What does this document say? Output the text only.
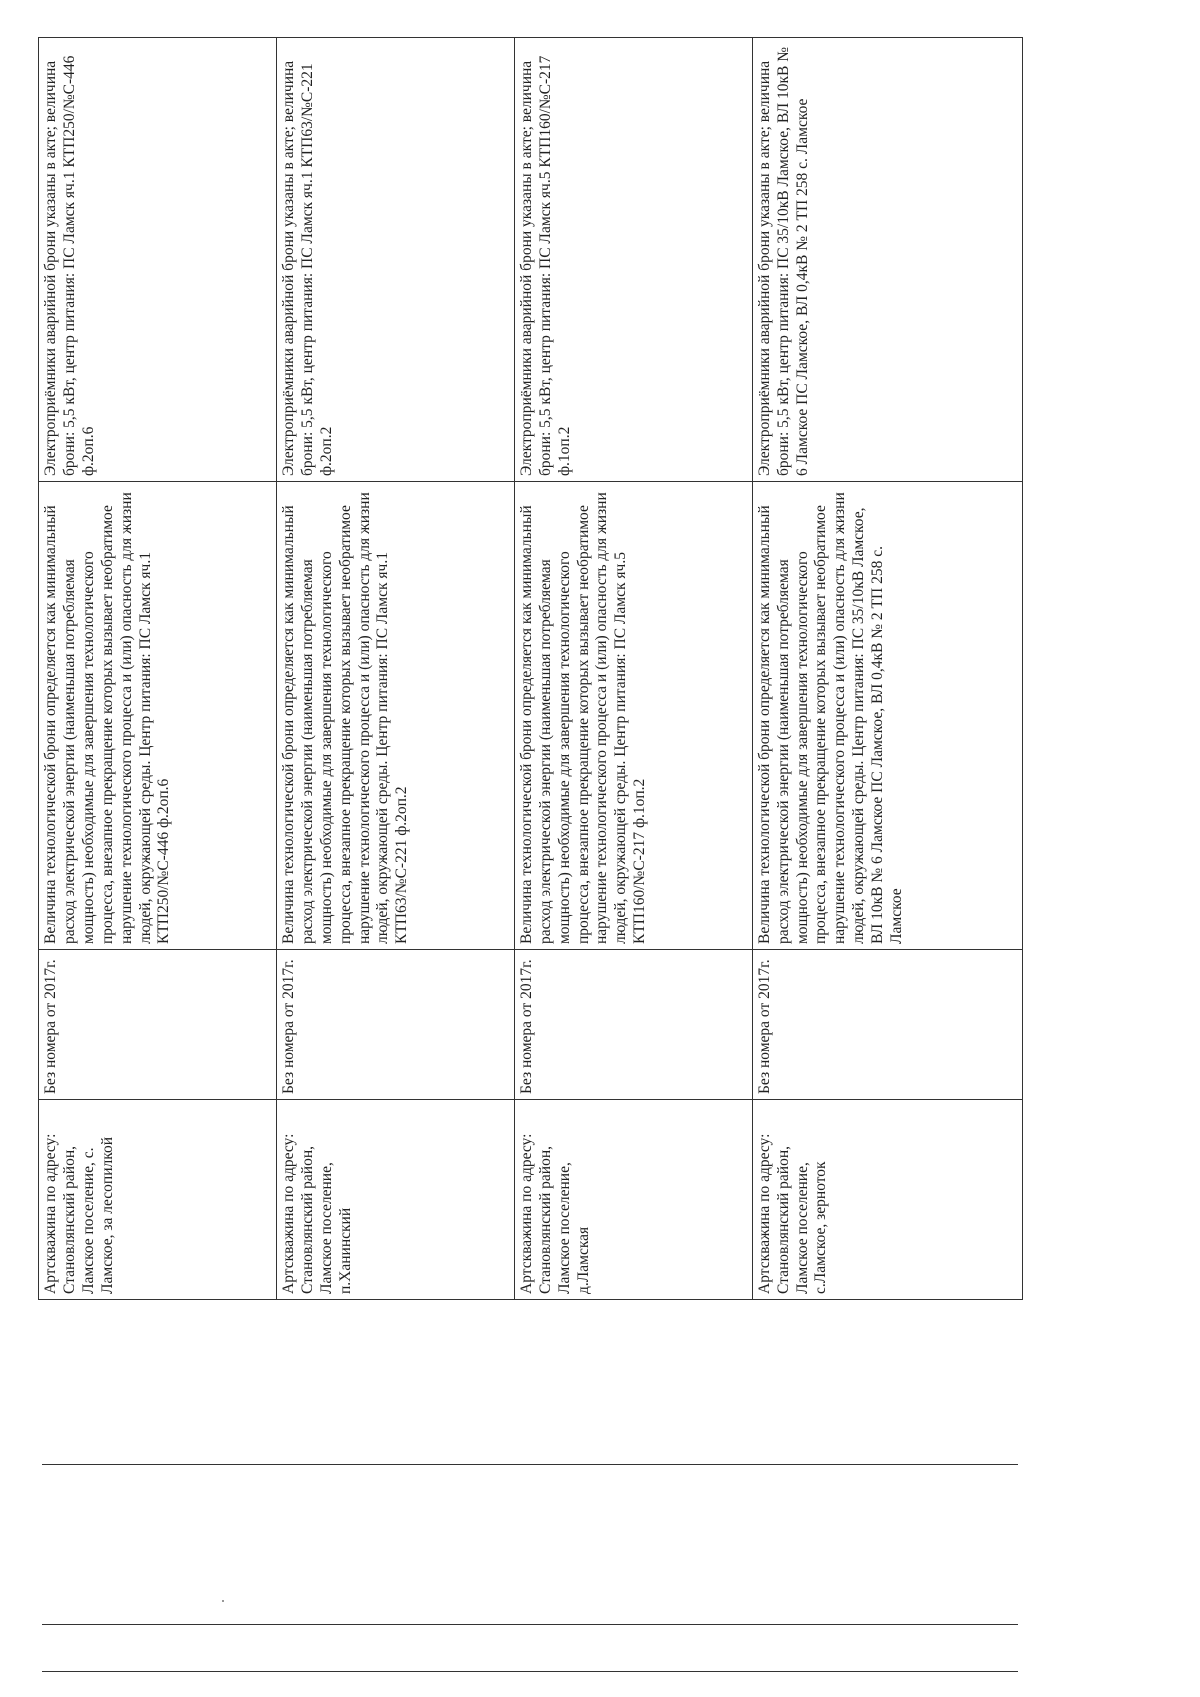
Артскважина по адресу: Становлянский район, Ламское поселение, с. Ламское, за лесопилкой	Без номера от 2017г.	Величина технологической брони определяется как минимальный расход электрической энергии (наименьшая потребляемая мощность) необходимые для завершения технологического процесса, внезапное прекращение которых вызывает необратимое нарушение технологического процесса и (или) опасность для жизни людей, окружающей среды. Центр питания: ПС Ламск яч.1 КТП250/№С-446 ф.2оп.6	Электроприёмники аварийной брони указаны в акте; величина брони: 5,5 кВт, центр питания: ПС Ламск яч.1 КТП250/№С-446 ф.2оп.6
Артскважина по адресу: Становлянский район, Ламское поселение, п.Ханинский	Без номера от 2017г.	Величина технологической брони определяется как минимальный расход электрической энергии (наименьшая потребляемая мощность) необходимые для завершения технологического процесса, внезапное прекращение которых вызывает необратимое нарушение технологического процесса и (или) опасность для жизни людей, окружающей среды. Центр питания: ПС Ламск яч.1 КТП63/№С-221 ф.2оп.2	Электроприёмники аварийной брони указаны в акте; величина брони: 5,5 кВт, центр питания: ПС Ламск яч.1 КТП63/№С-221 ф.2оп.2
Артскважина по адресу: Становлянский район, Ламское поселение, д.Ламская	Без номера от 2017г.	Величина технологической брони определяется как минимальный расход электрической энергии (наименьшая потребляемая мощность) необходимые для завершения технологического процесса, внезапное прекращение которых вызывает необратимое нарушение технологического процесса и (или) опасность для жизни людей, окружающей среды. Центр питания: ПС Ламск яч.5 КТП160/№С-217 ф.1оп.2	Электроприёмники аварийной брони указаны в акте; величина брони: 5,5 кВт, центр питания: ПС Ламск яч.5 КТП160/№С-217 ф.1оп.2
Артскважина по адресу: Становлянский район, Ламское поселение, с.Ламское, зерноток	Без номера от 2017г.	Величина технологической брони определяется как минимальный расход электрической энергии (наименьшая потребляемая мощность) необходимые для завершения технологического процесса, внезапное прекращение которых вызывает необратимое нарушение технологического процесса и (или) опасность для жизни людей, окружающей среды. Центр питания: ПС 35/10кВ Ламское, ВЛ 10кВ № 6 Ламское ПС Ламское, ВЛ 0,4кВ № 2 ТП 258 с. Ламское	Электроприёмники аварийной брони указаны в акте; величина брони: 5,5 кВт, центр питания: ПС 35/10кВ Ламское, ВЛ 10кВ № 6 Ламское ПС Ламское, ВЛ 0,4кВ № 2 ТП 258 с. Ламское
